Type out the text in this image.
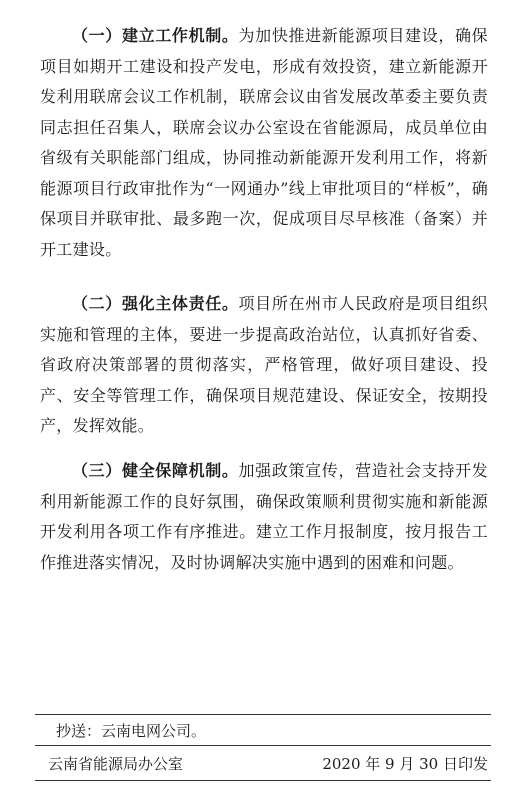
（一）建立工作机制。为加快推进新能源项目建设，确保项目如期开工建设和投产发电，形成有效投资，建立新能源开发利用联席会议工作机制，联席会议由省发展改革委主要负责同志担任召集人，联席会议办公室设在省能源局，成员单位由省级有关职能部门组成，协同推动新能源开发利用工作，将新能源项目行政审批作为“一网通办”线上审批项目的“样板”，确保项目并联审批、最多跑一次，促成项目尽早核准（备案）并开工建设。

（二）强化主体责任。项目所在州市人民政府是项目组织实施和管理的主体，要进一步提高政治站位，认真抓好省委、省政府决策部署的贯彻落实，严格管理，做好项目建设、投产、安全等管理工作，确保项目规范建设、保证安全，按期投产，发挥效能。

（三）健全保障机制。加强政策宣传，营造社会支持开发利用新能源工作的良好氛围，确保政策顺利贯彻实施和新能源开发利用各项工作有序推进。建立工作月报制度，按月报告工作推进落实情况，及时协调解决实施中遇到的困难和问题。

抄送：云南电网公司。
云南省能源局办公室	2020 年 9 月 30 日印发
